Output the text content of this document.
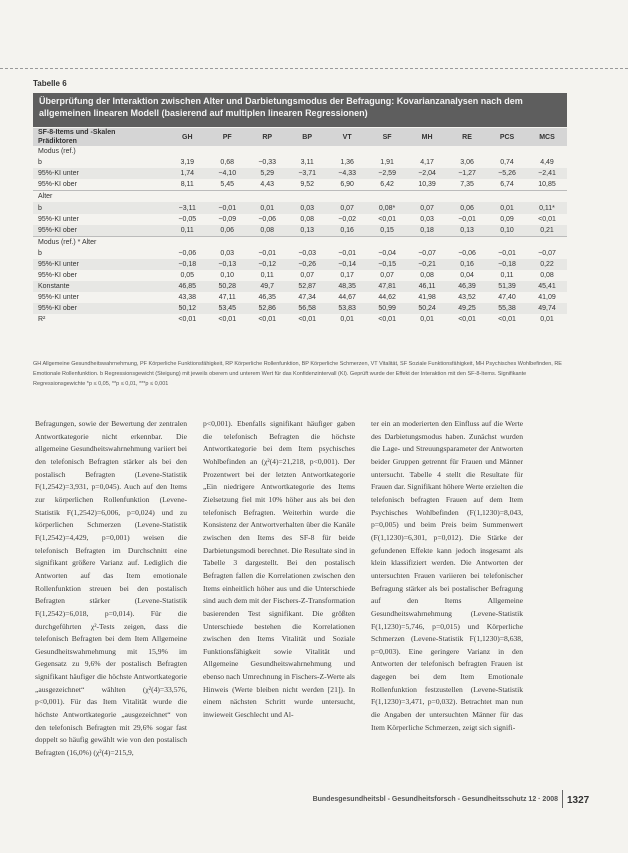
Tabelle 6
Überprüfung der Interaktion zwischen Alter und Darbietungsmodus der Befragung: Kovarianzanalysen nach dem allgemeinen linearen Modell (basierend auf multiplen linearen Regressionen)
SF-8-Items und -Skalen
Prädiktoren	GH	PF	RP	BP	VT	SF	MH	RE	PCS	MCS
Modus (ref.)										
b	3,19	0,68	−0,33	3,11	1,36	1,91	4,17	3,06	0,74	4,49
95%-KI unter	1,74	−4,10	5,29	−3,71	−4,33	−2,59	−2,04	−1,27	−5,26	−2,41
95%-KI ober	8,11	5,45	4,43	9,52	6,90	6,42	10,39	7,35	6,74	10,85
Alter										
b	−3,11	−0,01	0,01	0,03	0,07	0,08*	0,07	0,06	0,01	0,11*
95%-KI unter	−0,05	−0,09	−0,06	0,08	−0,02	<0,01	0,03	−0,01	0,09	<0,01
95%-KI ober	0,11	0,06	0,08	0,13	0,16	0,15	0,18	0,13	0,10	0,21
Modus (ref.) * Alter										
b	−0,06	0,03	−0,01	−0,03	−0,01	−0,04	−0,07	−0,06	−0,01	−0,07
95%-KI unter	−0,18	−0,13	−0,12	−0,26	−0,14	−0,15	−0,21	0,16	−0,18	0,22
95%-KI ober	0,05	0,10	0,11	0,07	0,17	0,07	0,08	0,04	0,11	0,08
Konstante	46,85	50,28	49,7	52,87	48,35	47,81	46,11	46,39	51,39	45,41
95%-KI unter	43,38	47,11	46,35	47,34	44,67	44,62	41,98	43,52	47,40	41,09
95%-KI ober	50,12	53,45	52,86	56,58	53,83	50,99	50,24	49,25	55,38	49,74
R²	<0,01	<0,01	<0,01	<0,01	0,01	<0,01	0,01	<0,01	<0,01	0,01
GH Allgemeine Gesundheitswahrnehmung, PF Körperliche Funktionsfähigkeit, RP Körperliche Rollenfunktion, BP Körperliche Schmerzen, VT Vitalität, SF Soziale Funktionsfähigkeit, MH Psychisches Wohlbefinden, RE Emotionale Rollenfunktion. b Regressionsgewicht (Steigung) mit jeweils oberem und unterem Wert für das Konfidenzintervall (KI). Geprüft wurde der Effekt der Interaktion mit den SF-8-Items. Signifikante Regressionsgewichte *p ≤ 0,05, **p ≤ 0,01, ***p ≤ 0,001

Befragungen, sowie der Bewertung der zentralen Antwortkategorie nicht erkennbar. Die allgemeine Gesundheitswahrnehmung variiert bei den telefonisch Befragten stärker als bei den postalisch Befragten (Levene-Statistik F(1,2542)=3,931, p=0,045). Auch auf den Items zur körperlichen Rollenfunktion (Levene-Statistik F(1,2542)=6,006, p=0,024) und zu körperlichen Schmerzen (Levene-Statistik F(1,2542)=4,429, p=0,001) weisen die telefonisch Befragten im Durchschnitt eine signifikant größere Varianz auf. Lediglich die Antworten auf das Item emotionale Rollenfunktion streuen bei den postalisch Befragten stärker (Levene-Statistik F(1,2542)=6,018, p=0,014). Für die durchgeführten χ²-Tests zeigen, dass die telefonisch Befragten bei dem Item Allgemeine Gesundheitswahrnehmung mit 15,9% im Gegensatz zu 9,6% der postalisch Befragten signifikant häufiger die höchste Antwortkategorie „ausgezeichnet“ wählten (χ²(4)=33,576, p<0,001). Für das Item Vitalität wurde die höchste Antwortkategorie „ausgezeichnet“ von den telefonisch Befragten mit 29,6% sogar fast doppelt so häufig gewählt wie von den postalisch Befragten (16,0%) (χ²(4)=215,9,

p<0,001). Ebenfalls signifikant häufiger gaben die telefonisch Befragten die höchste Antwortkategorie bei dem Item psychisches Wohlbefinden an (χ²(4)=21,218, p<0,001). Der Prozentwert bei der letzten Antwortkategorie „Ein niedrigere Antwortkategorie des Items Zielsetzung fiel mit 10% höher aus als bei den telefonisch Befragten. Weiterhin wurde die Konsistenz der Antwortverhalten über die Kanäle zwischen den Items des SF-8 für beide Darbietungsmodi berechnet. Die Resultate sind in Tabelle 3 dargestellt. Bei den postalisch Befragten fallen die Korrelationen zwischen den Items einheitlich höher aus und die Unterschiede sind auch dem mit der Fischers-Z-Transformation basierenden Test signifikant. Die größten Unterschiede bestehen die Korrelationen zwischen den Items Vitalität und Soziale Funktionsfähigkeit sowie Vitalität und Allgemeine Gesundheitswahrnehmung und ebenso nach Umrechnung in Fischers-Z-Werte als Hinweis (Werte bleiben nicht werden [21]). In einem nächsten Schritt wurde untersucht, inwieweit Geschlecht und Al-

ter ein an moderierten den Einfluss auf die Werte des Darbietungsmodus haben. Zunächst wurden die Lage- und Streuungsparameter der Antworten beider Gruppen getrennt für Frauen und Männer untersucht. Tabelle 4 stellt die Resultate für Frauen dar. Signifikant höhere Werte erzielten die telefonisch befragten Frauen auf dem Item Psychisches Wohlbefinden (F(1,1230)=8,043, p=0,005) und beim Preis beim Summenwert (F(1,1230)=6,301, p=0,012). Die Stärke der gefundenen Effekte kann jedoch insgesamt als klein klassifiziert werden. Die Antworten der untersuchten Frauen variieren bei telefonischer Befragung stärker als bei postalischer Befragung auf den Items Allgemeine Gesundheitswahrnehmung (Levene-Statistik F(1,1230)=5,746, p=0,015) und Körperliche Schmerzen (Levene-Statistik F(1,1230)=8,638, p=0,003). Eine geringere Varianz in den Antworten der telefonisch befragten Frauen ist dagegen bei dem Item Emotionale Rollenfunktion festzustellen (Levene-Statistik F(1,1230)=3,471, p=0,032). Betrachtet man nun die Angaben der untersuchten Männer für das Item Körperliche Schmerzen, zeigt sich signifi-

Bundesgesundheitsbl - Gesundheitsforsch - Gesundheitsschutz 12 · 2008 1327
